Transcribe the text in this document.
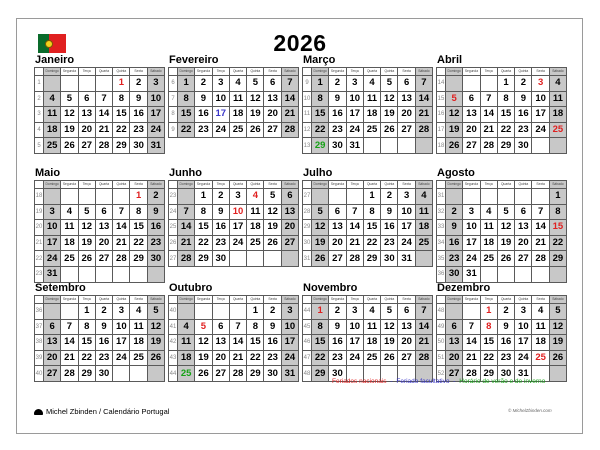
2026
Janeiro
	Domingo	Segunda	Terça	Quarta	Quinta	Sexta	Sábado
1					1	2	3
2	4	5	6	7	8	9	10
3	11	12	13	14	15	16	17
4	18	19	20	21	22	23	24
5	25	26	27	28	29	30	31
Fevereiro
	Domingo	Segunda	Terça	Quarta	Quinta	Sexta	Sábado
6	1	2	3	4	5	6	7
7	8	9	10	11	12	13	14
8	15	16	17	18	19	20	21
9	22	23	24	25	26	27	28
Março
	Domingo	Segunda	Terça	Quarta	Quinta	Sexta	Sábado
9	1	2	3	4	5	6	7
10	8	9	10	11	12	13	14
11	15	16	17	18	19	20	21
12	22	23	24	25	26	27	28
13	29	30	31				
Abril
	Domingo	Segunda	Terça	Quarta	Quinta	Sexta	Sábado
14				1	2	3	4
15	5	6	7	8	9	10	11
16	12	13	14	15	16	17	18
17	19	20	21	22	23	24	25
18	26	27	28	29	30		
Maio
	Domingo	Segunda	Terça	Quarta	Quinta	Sexta	Sábado
18						1	2
19	3	4	5	6	7	8	9
20	10	11	12	13	14	15	16
21	17	18	19	20	21	22	23
22	24	25	26	27	28	29	30
23	31						
Junho
	Domingo	Segunda	Terça	Quarta	Quinta	Sexta	Sábado
23		1	2	3	4	5	6
24	7	8	9	10	11	12	13
25	14	15	16	17	18	19	20
26	21	22	23	24	25	26	27
27	28	29	30				
Julho
	Domingo	Segunda	Terça	Quarta	Quinta	Sexta	Sábado
27				1	2	3	4
28	5	6	7	8	9	10	11
29	12	13	14	15	16	17	18
30	19	20	21	22	23	24	25
31	26	27	28	29	30	31	
Agosto
	Domingo	Segunda	Terça	Quarta	Quinta	Sexta	Sábado
31							1
32	2	3	4	5	6	7	8
33	9	10	11	12	13	14	15
34	16	17	18	19	20	21	22
35	23	24	25	26	27	28	29
36	30	31					
Setembro
	Domingo	Segunda	Terça	Quarta	Quinta	Sexta	Sábado
36			1	2	3	4	5
37	6	7	8	9	10	11	12
38	13	14	15	16	17	18	19
39	20	21	22	23	24	25	26
40	27	28	29	30			
Outubro
	Domingo	Segunda	Terça	Quarta	Quinta	Sexta	Sábado
40					1	2	3
41	4	5	6	7	8	9	10
42	11	12	13	14	15	16	17
43	18	19	20	21	22	23	24
44	25	26	27	28	29	30	31
Novembro
	Domingo	Segunda	Terça	Quarta	Quinta	Sexta	Sábado
44	1	2	3	4	5	6	7
45	8	9	10	11	12	13	14
46	15	16	17	18	19	20	21
47	22	23	24	25	26	27	28
48	29	30					
Dezembro
	Domingo	Segunda	Terça	Quarta	Quinta	Sexta	Sábado
48			1	2	3	4	5
49	6	7	8	9	10	11	12
50	13	14	15	16	17	18	19
51	20	21	22	23	24	25	26
52	27	28	29	30	31		
Feriados nacionais - Feriado facultativo - Horário de verão e de inverno
Michel Zbinden / Calendário Portugal	© MichelZbinden.com
